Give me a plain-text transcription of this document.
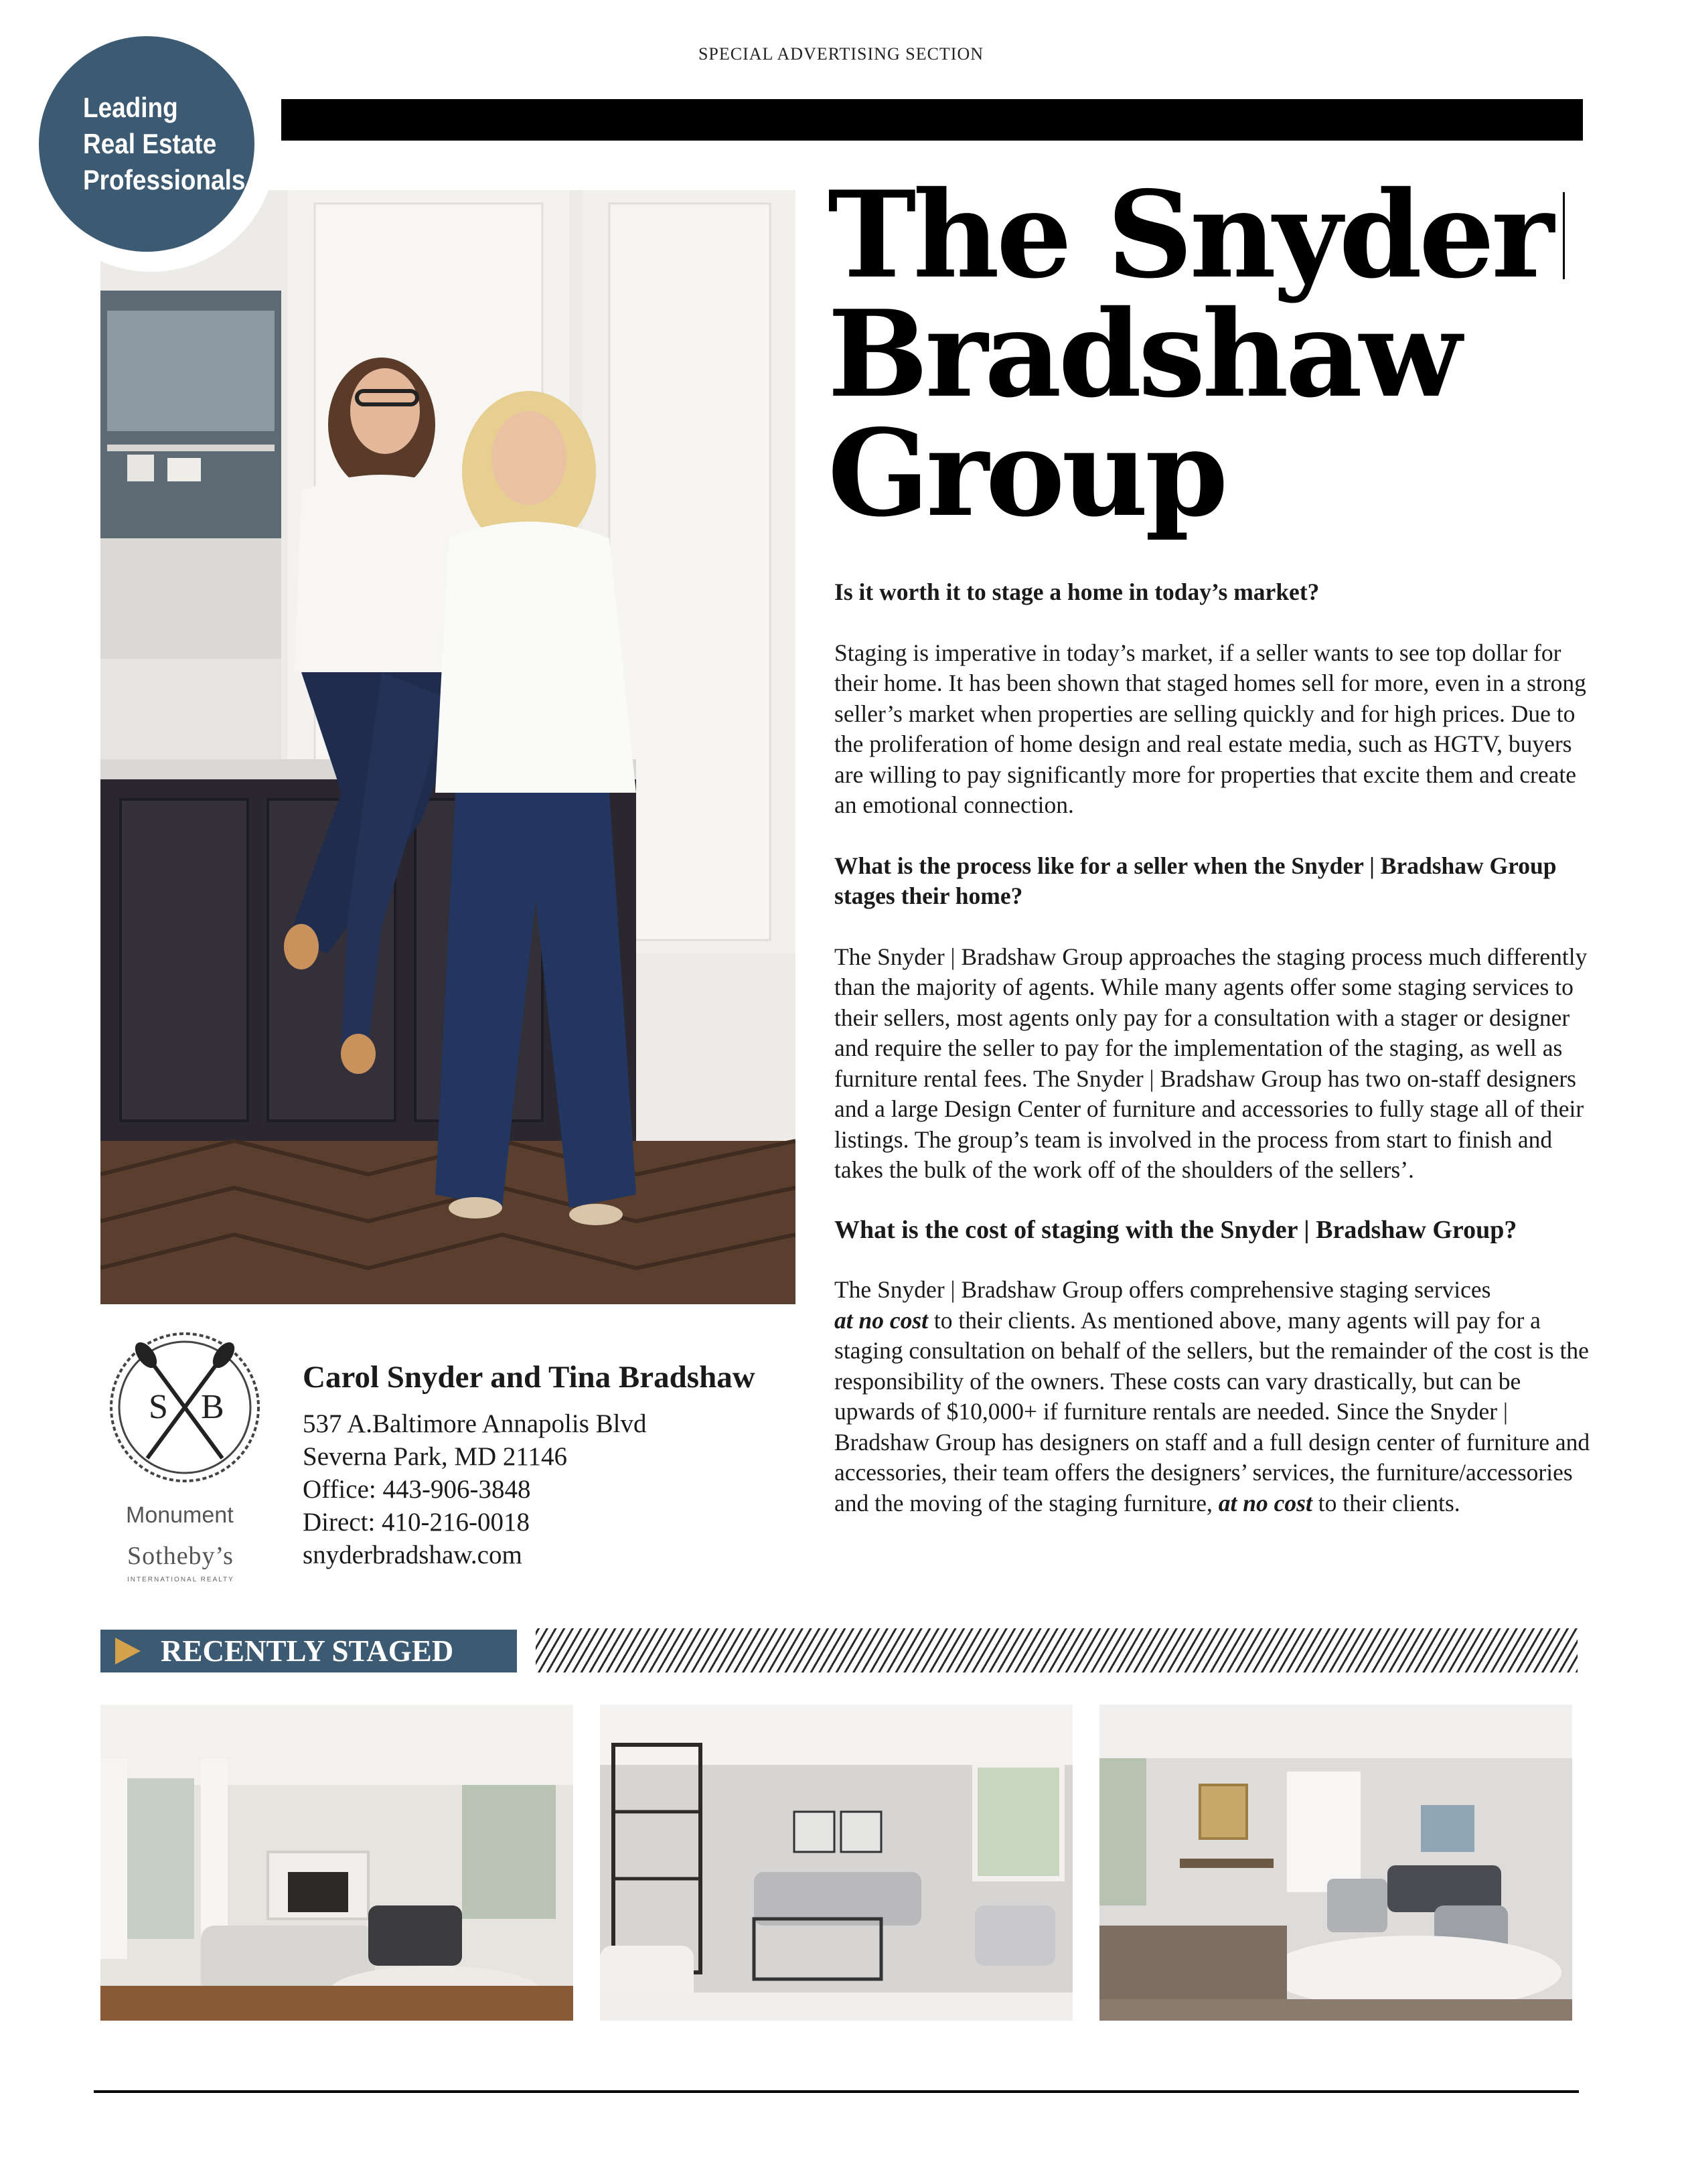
SPECIAL ADVERTISING SECTION
Leading
Real Estate
Professionals	The Snyder
Bradshaw
Group

Is it worth it to stage a home in today’s market?

Staging is imperative in today’s market, if a seller wants to see top dollar for their home. It has been shown that staged homes sell for more, even in a strong seller’s market when properties are selling quickly and for high prices. Due to the proliferation of home design and real estate media, such as HGTV, buyers are willing to pay significantly more for properties that excite them and create an emotional connection.

What is the process like for a seller when the Snyder | Bradshaw Group stages their home?

The Snyder | Bradshaw Group approaches the staging process much differently than the majority of agents. While many agents offer some staging services to their sellers, most agents only pay for a consultation with a stager or designer and require the seller to pay for the implementation of the staging, as well as furniture rental fees. The Snyder | Bradshaw Group has two on-staff designers and a large Design Center of furniture and accessories to fully stage all of their listings. The group’s team is involved in the process from start to finish and takes the bulk of the work off of the shoulders of the sellers’.

What is the cost of staging with the Snyder | Bradshaw Group?

The Snyder | Bradshaw Group offers comprehensive staging services
at no cost to their clients. As mentioned above, many agents will pay for a staging consultation on behalf of the sellers, but the remainder of the cost is the responsibility of the owners. These costs can vary drastically, but can be upwards of $10,000+ if furniture rentals are needed. Since the Snyder | Bradshaw Group has designers on staff and a full design center of furniture and accessories, their team offers the designers’ services, the furniture/accessories and the moving of the staging furniture, at no cost to their clients.

S B
Monument
Sotheby’s
INTERNATIONAL REALTY
Carol Snyder and Tina Bradshaw
537 A.Baltimore Annapolis Blvd
Severna Park, MD 21146
Office: 443-906-3848
Direct: 410-216-0018
snyderbradshaw.com
RECENTLY STAGED
